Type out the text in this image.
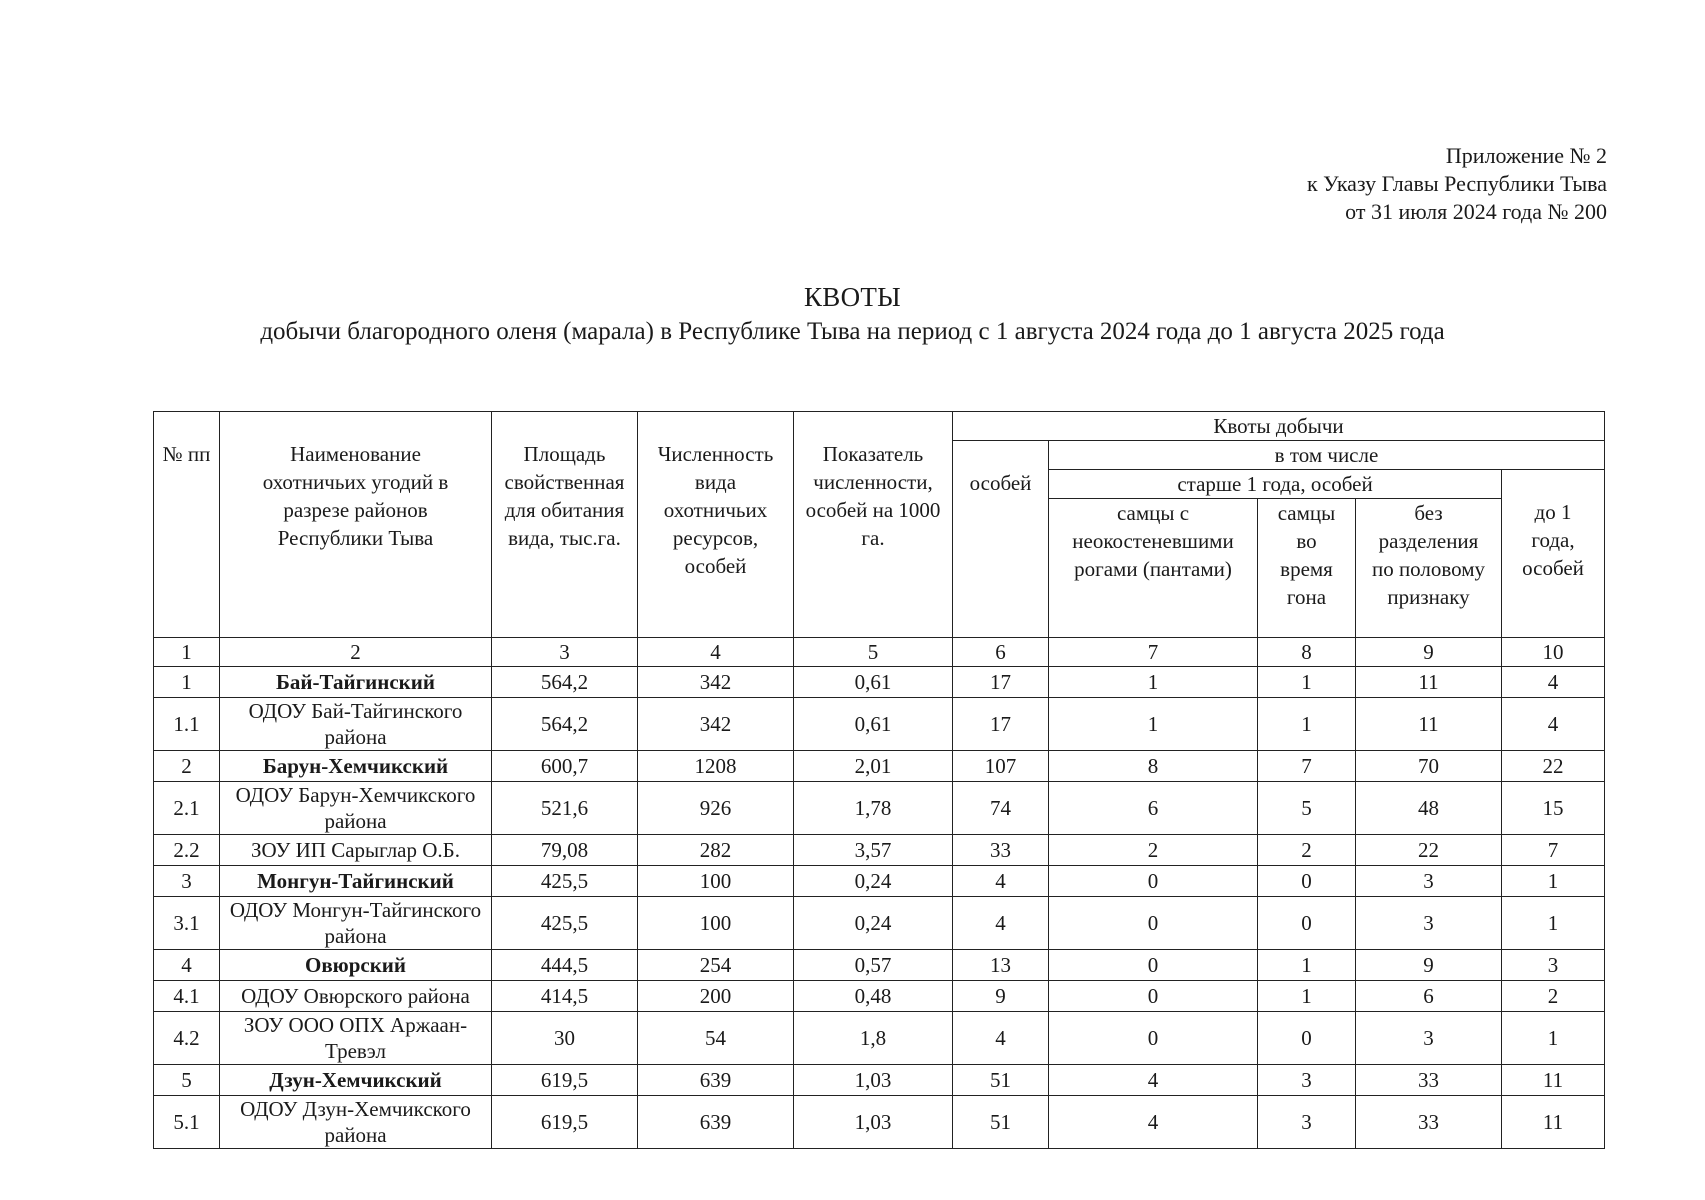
Приложение № 2
к Указу Главы Республики Тыва
от 31 июля 2024 года № 200
КВОТЫ
добычи благородного оленя (марала) в Республике Тыва на период с 1 августа 2024 года до 1 августа 2025 года
№ пп	Наименование охотничьих угодий в разрезе районов Республики Тыва	Площадь свойственная для обитания вида, тыс.га.	Численность вида охотничьих ресурсов, особей	Показатель численности, особей на 1000 га.	Квоты добычи				
					особей	в том числе			
						старше 1 года, особей			до 1 года, особей
						самцы с неокостеневшими рогами (пантами)	самцы во время гона	без разделения по половому признаку	
1	2	3	4	5	6	7	8	9	10
1	Бай-Тайгинский	564,2	342	0,61	17	1	1	11	4
1.1	ОДОУ Бай-Тайгинского района	564,2	342	0,61	17	1	1	11	4
2	Барун-Хемчикский	600,7	1208	2,01	107	8	7	70	22
2.1	ОДОУ Барун-Хемчикского района	521,6	926	1,78	74	6	5	48	15
2.2	ЗОУ ИП Сарыглар О.Б.	79,08	282	3,57	33	2	2	22	7
3	Монгун-Тайгинский	425,5	100	0,24	4	0	0	3	1
3.1	ОДОУ Монгун-Тайгинского района	425,5	100	0,24	4	0	0	3	1
4	Овюрский	444,5	254	0,57	13	0	1	9	3
4.1	ОДОУ Овюрского района	414,5	200	0,48	9	0	1	6	2
4.2	ЗОУ ООО ОПХ Аржаан-Тревэл	30	54	1,8	4	0	0	3	1
5	Дзун-Хемчикский	619,5	639	1,03	51	4	3	33	11
5.1	ОДОУ Дзун-Хемчикского района	619,5	639	1,03	51	4	3	33	11
